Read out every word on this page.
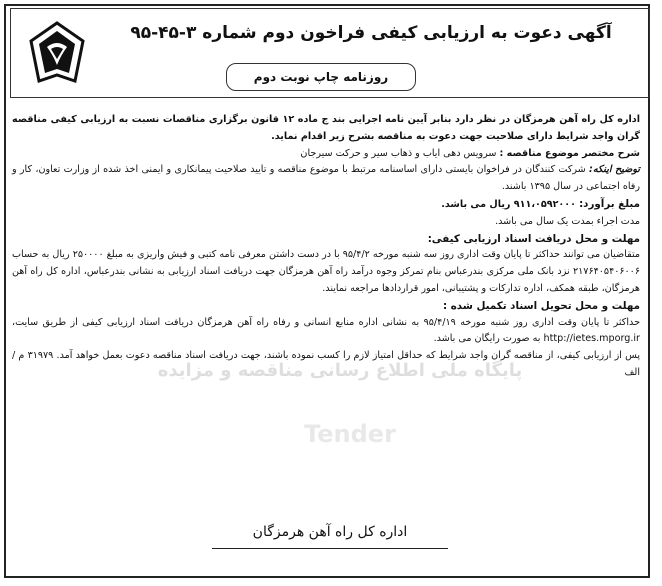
آگهی دعوت به ارزیابی کیفی فراخون دوم شماره ۳-۴۵-۹۵
روزنامه چاپ نوبت دوم
پایگاه ملی اطلاع رسانی مناقصه و مزایده
Tender

اداره کل راه آهن هرمزگان در نظر دارد بنابر آیین نامه اجرایی بند ج ماده ۱۲ قانون برگزاری مناقصات نسبت به ارزیابی کیفی مناقصه گران واجد شرایط دارای صلاحیت جهت دعوت به مناقصه بشرح زیر اقدام نماید.

شرح مختصر موضوع مناقصه : سرویس دهی ایاب و ذهاب سیر و حرکت سیرجان

توضیح اینکه: شرکت کنندگان در فراخوان بایستی دارای اساسنامه مرتبط با موضوع مناقصه و تایید صلاحیت پیمانکاری و ایمنی اخذ شده از وزارت تعاون، کار و رفاه اجتماعی در سال ۱۳۹۵ باشند.

مبلغ برآورد: ۹۱۱،۰۵۹۲۰۰۰ ریال می باشد.

مدت اجراء بمدت یک سال می باشد.

مهلت و محل دریافت اسناد ارزیابی کیفی:

متقاضیان می توانند حداکثر تا پایان وقت اداری روز سه شنبه مورخه ۹۵/۴/۲ با در دست داشتن معرفی نامه کتبی و فیش واریزی به مبلغ ۲۵۰۰۰۰ ریال به حساب ۲۱۷۶۴۰۵۴۰۶۰۰۶ نزد بانک ملی مرکزی بندرعباس بنام تمرکز وجوه درآمد راه آهن هرمزگان جهت دریافت اسناد ارزیابی به نشانی بندرعباس، اداره کل راه آهن هرمزگان، طبقه همکف، اداره تدارکات و پشتیبانی، امور قراردادها مراجعه نمایند.

مهلت و محل تحویل اسناد تکمیل شده :

حداکثر تا پایان وقت اداری روز شنبه مورخه ۹۵/۴/۱۹ به نشانی اداره منابع انسانی و رفاه راه آهن هرمزگان دریافت اسناد ارزیابی کیفی از طریق سایت، http://ietes.mporg.ir به صورت رایگان می باشد.

پس از ارزیابی کیفی، از مناقصه گران واجد شرایط که حداقل امتیاز لازم را کسب نموده باشند، جهت دریافت اسناد مناقصه دعوت بعمل خواهد آمد. ۳۱۹۷۹ م /الف

اداره کل راه آهن هرمزگان
